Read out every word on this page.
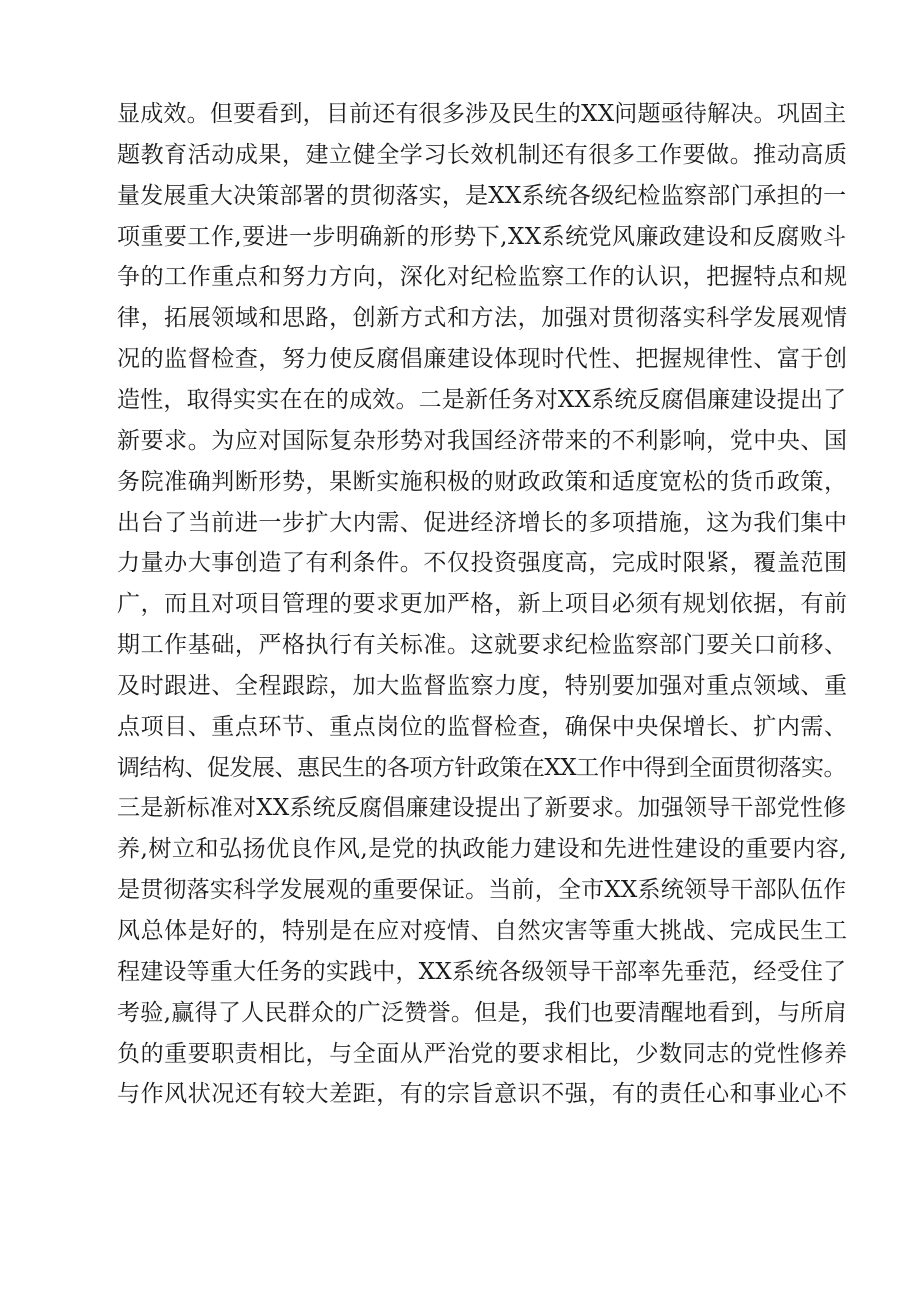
显成效。但要看到，目前还有很多涉及民生的XX问题亟待解决。巩固主
题教育活动成果，建立健全学习长效机制还有很多工作要做。推动高质
量发展重大决策部署的贯彻落实，是XX系统各级纪检监察部门承担的一
项重要工作,要进一步明确新的形势下,XX系统党风廉政建设和反腐败斗
争的工作重点和努力方向，深化对纪检监察工作的认识，把握特点和规
律，拓展领域和思路，创新方式和方法，加强对贯彻落实科学发展观情
况的监督检查，努力使反腐倡廉建设体现时代性、把握规律性、富于创
造性，取得实实在在的成效。二是新任务对XX系统反腐倡廉建设提出了
新要求。为应对国际复杂形势对我国经济带来的不利影响，党中央、国
务院准确判断形势，果断实施积极的财政政策和适度宽松的货币政策，
出台了当前进一步扩大内需、促进经济增长的多项措施，这为我们集中
力量办大事创造了有利条件。不仅投资强度高，完成时限紧，覆盖范围
广，而且对项目管理的要求更加严格，新上项目必须有规划依据，有前
期工作基础，严格执行有关标准。这就要求纪检监察部门要关口前移、
及时跟进、全程跟踪，加大监督监察力度，特别要加强对重点领域、重
点项目、重点环节、重点岗位的监督检查，确保中央保增长、扩内需、
调结构、促发展、惠民生的各项方针政策在XX工作中得到全面贯彻落实。
三是新标准对XX系统反腐倡廉建设提出了新要求。加强领导干部党性修
养,树立和弘扬优良作风,是党的执政能力建设和先进性建设的重要内容,
是贯彻落实科学发展观的重要保证。当前，全市XX系统领导干部队伍作
风总体是好的，特别是在应对疫情、自然灾害等重大挑战、完成民生工
程建设等重大任务的实践中，XX系统各级领导干部率先垂范，经受住了
考验,赢得了人民群众的广泛赞誉。但是，我们也要清醒地看到，与所肩
负的重要职责相比，与全面从严治党的要求相比，少数同志的党性修养
与作风状况还有较大差距，有的宗旨意识不强，有的责任心和事业心不
